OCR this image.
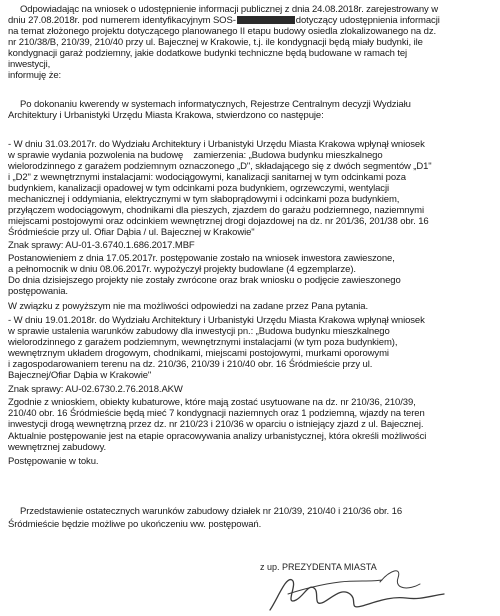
Odpowiadając na wniosek o udostępnienie informacji publicznej z dnia 24.08.2018r. zarejestrowany w
dniu 27.08.2018r. pod numerem identyfikacyjnym SOS-	dotyczący udostępnienia informacji
na temat złożonego projektu dotyczącego planowanego II etapu budowy osiedla zlokalizowanego na dz.
nr 210/38/B, 210/39, 210/40 przy ul. Bajecznej w Krakowie, t.j. ile kondygnacji będą miały budynki, ile
kondygnacji garaż podziemny, jakie dodatkowe budynki techniczne będą budowane w ramach tej
inwestycji,
informuję że:
Po dokonaniu kwerendy w systemach informatycznych, Rejestrze Centralnym decyzji Wydziału
Architektury i Urbanistyki Urzędu Miasta Krakowa, stwierdzono co następuje:
- W dniu 31.03.2017r. do Wydziału Architektury i Urbanistyki Urzędu Miasta Krakowa wpłynął wniosek
w sprawie wydania pozwolenia na budowę    zamierzenia: „Budowa budynku mieszkalnego
wielorodzinnego z garażem podziemnym oznaczonego „D", składającego się z dwóch segmentów „D1"
i „D2" z wewnętrznymi instalacjami: wodociągowymi, kanalizacji sanitarnej w tym odcinkami poza
budynkiem, kanalizacji opadowej w tym odcinkami poza budynkiem, ogrzewczymi, wentylacji
mechanicznej i oddymiania, elektrycznymi w tym słaboprądowymi i odcinkami poza budynkiem,
przyłączem wodociągowym, chodnikami dla pieszych, zjazdem do garażu podziemnego, naziemnymi
miejscami postojowymi oraz odcinkiem wewnętrznej drogi dojazdowej na dz. nr 201/36, 201/38 obr. 16
Śródmieście przy ul. Ofiar Dąbia / ul. Bajecznej w Krakowie"
Znak sprawy: AU-01-3.6740.1.686.2017.MBF
Postanowieniem z dnia 17.05.2017r. postępowanie zostało na wniosek inwestora zawieszone,
a pełnomocnik w dniu 08.06.2017r. wypożyczył projekty budowlane (4 egzemplarze).
Do dnia dzisiejszego projekty nie zostały zwrócone oraz brak wniosku o podjęcie zawieszonego
postępowania.
W związku z powyższym nie ma możliwości odpowiedzi na zadane przez Pana pytania.
- W dniu 19.01.2018r. do Wydziału Architektury i Urbanistyki Urzędu Miasta Krakowa wpłynął wniosek
w sprawie ustalenia warunków zabudowy dla inwestycji pn.: „Budowa budynku mieszkalnego
wielorodzinnego z garażem podziemnym, wewnętrznymi instalacjami (w tym poza budynkiem),
wewnętrznym układem drogowym, chodnikami, miejscami postojowymi, murkami oporowymi
i zagospodarowaniem terenu na dz. 210/36, 210/39 i 210/40 obr. 16 Śródmieście przy ul.
Bajecznej/Ofiar Dąbia w Krakowie"
Znak sprawy: AU-02.6730.2.76.2018.AKW
Zgodnie z wnioskiem, obiekty kubaturowe, które mają zostać usytuowane na dz. nr 210/36, 210/39,
210/40 obr. 16 Śródmieście będą mieć 7 kondygnacji naziemnych oraz 1 podziemną, wjazdy na teren
inwestycji drogą wewnętrzną przez dz. nr 210/23 i 210/36 w oparciu o istniejący zjazd z ul. Bajecznej.
Aktualnie postępowanie jest na etapie opracowywania analizy urbanistycznej, która określi możliwości
wewnętrznej zabudowy.
Postępowanie w toku.
Przedstawienie ostatecznych warunków zabudowy działek nr 210/39, 210/40 i 210/36 obr. 16
Śródmieście będzie możliwe po ukończeniu ww. postępowań.
z up. PREZYDENTA MIASTA
